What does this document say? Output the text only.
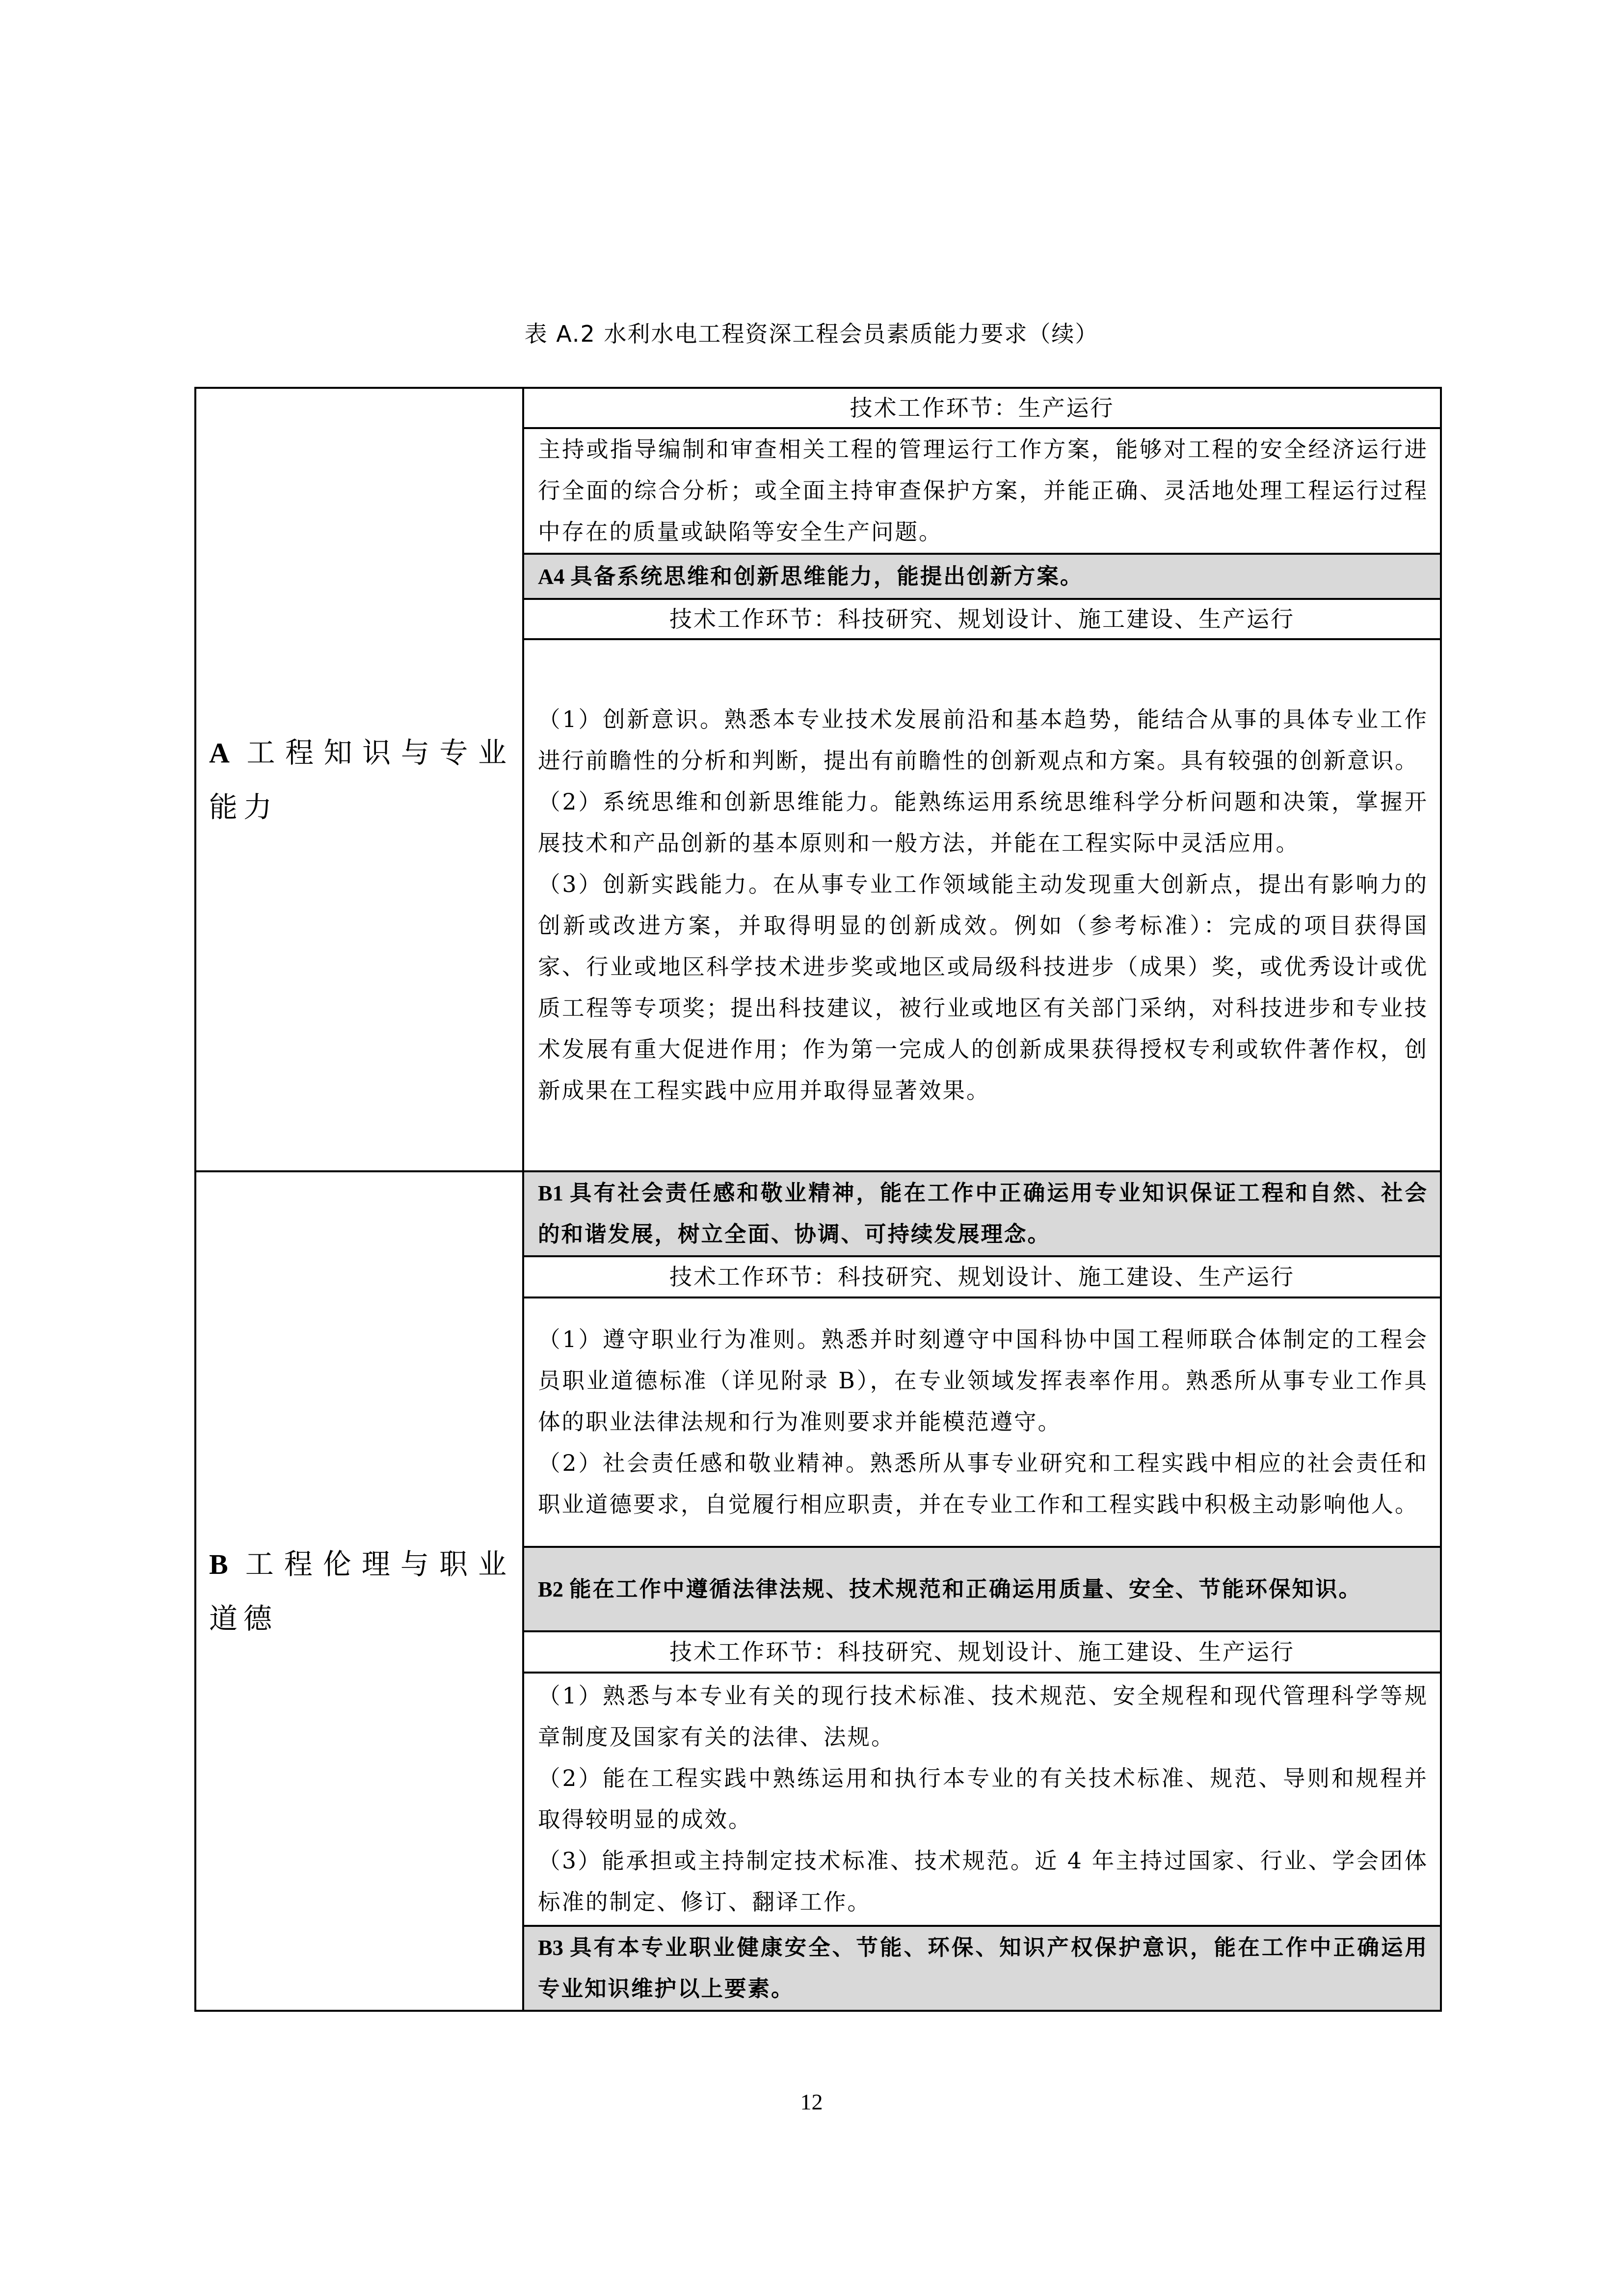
表 A.2 水利水电工程资深工程会员素质能力要求（续）
A 工程知识与专业能力	技术工作环节：生产运行

	主持或指导编制和审查相关工程的管理运行工作方案，能够对工程的安全经济运行进行全面的综合分析；或全面主持审查保护方案，并能正确、灵活地处理工程运行过程中存在的质量或缺陷等安全生产问题。

	A4 具备系统思维和创新思维能力，能提出创新方案。
	技术工作环节：科技研究、规划设计、施工建设、生产运行

	（1）创新意识。熟悉本专业技术发展前沿和基本趋势，能结合从事的具体专业工作进行前瞻性的分析和判断，提出有前瞻性的创新观点和方案。具有较强的创新意识。

（2）系统思维和创新思维能力。能熟练运用系统思维科学分析问题和决策，掌握开展技术和产品创新的基本原则和一般方法，并能在工程实际中灵活应用。

（3）创新实践能力。在从事专业工作领域能主动发现重大创新点，提出有影响力的创新或改进方案，并取得明显的创新成效。例如（参考标准）：完成的项目获得国家、行业或地区科学技术进步奖或地区或局级科技进步（成果）奖，或优秀设计或优质工程等专项奖；提出科技建议，被行业或地区有关部门采纳，对科技进步和专业技术发展有重大促进作用；作为第一完成人的创新成果获得授权专利或软件著作权，创新成果在工程实践中应用并取得显著效果。

B 工程伦理与职业道德	B1 具有社会责任感和敬业精神，能在工作中正确运用专业知识保证工程和自然、社会的和谐发展，树立全面、协调、可持续发展理念。
	技术工作环节：科技研究、规划设计、施工建设、生产运行

	（1）遵守职业行为准则。熟悉并时刻遵守中国科协中国工程师联合体制定的工程会员职业道德标准（详见附录 B），在专业领域发挥表率作用。熟悉所从事专业工作具体的职业法律法规和行为准则要求并能模范遵守。

（2）社会责任感和敬业精神。熟悉所从事专业研究和工程实践中相应的社会责任和职业道德要求，自觉履行相应职责，并在专业工作和工程实践中积极主动影响他人。

	B2 能在工作中遵循法律法规、技术规范和正确运用质量、安全、节能环保知识。
	技术工作环节：科技研究、规划设计、施工建设、生产运行

	（1）熟悉与本专业有关的现行技术标准、技术规范、安全规程和现代管理科学等规章制度及国家有关的法律、法规。

（2）能在工程实践中熟练运用和执行本专业的有关技术标准、规范、导则和规程并取得较明显的成效。

（3）能承担或主持制定技术标准、技术规范。近 4 年主持过国家、行业、学会团体标准的制定、修订、翻译工作。

	B3 具有本专业职业健康安全、节能、环保、知识产权保护意识，能在工作中正确运用专业知识维护以上要素。
12
